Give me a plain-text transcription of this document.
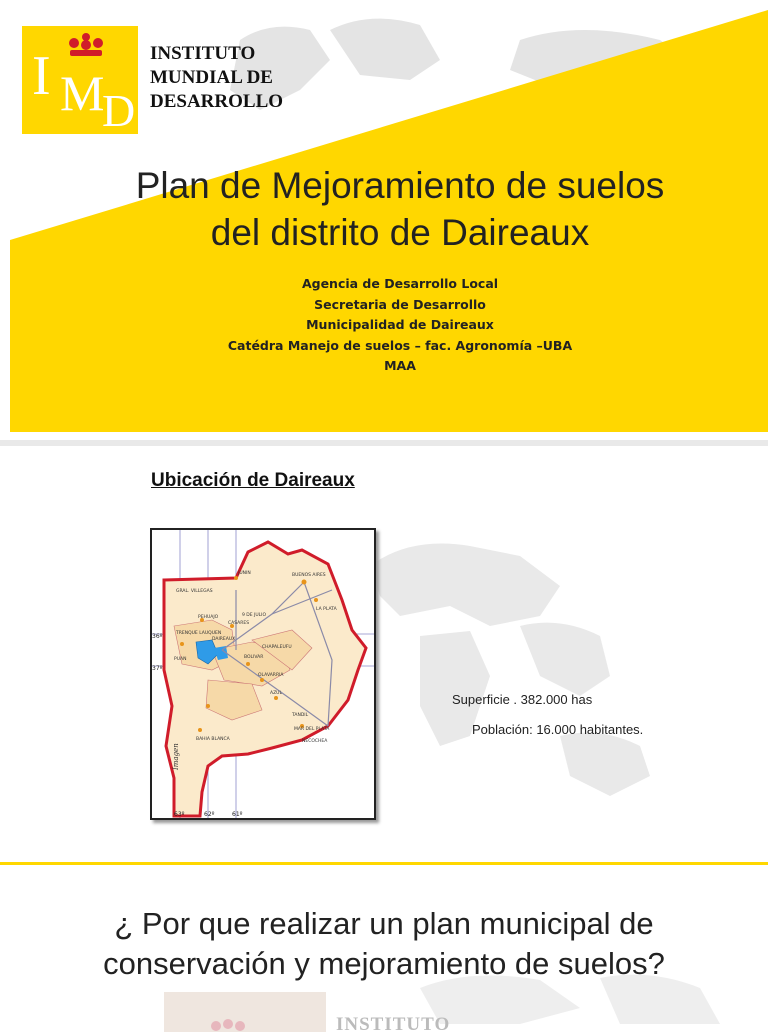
I M
D
INSTITUTO
MUNDIAL DE
DESARROLLO
Plan de Mejoramiento de suelos
del distrito de Daireaux
Agencia de Desarrollo Local
Secretaria de Desarrollo
Municipalidad de Daireaux
Catédra Manejo de suelos – fac. Agronomía –UBA
MAA
Ubicación de Daireaux
GRAL. VILLEGAS
JUNIN	BUENOS AIRES
LA PLATA
9 DE JULIO
PEHUAJO
CASARES
TRENQUE LAUQUEN
DAIREAUX
BOLIVAR
OLAVARRIA
AZUL
TANDIL
CHAPALEUFU
PUAN
MAR DEL PLATA
BAHIA BLANCA	NECOCHEA
36º
37º
63º	62º	61º
Imagen
Superficie . 382.000 has
Población: 16.000 habitantes.
¿ Por que realizar un plan municipal de
conservación y mejoramiento de suelos?
INSTITUTO
